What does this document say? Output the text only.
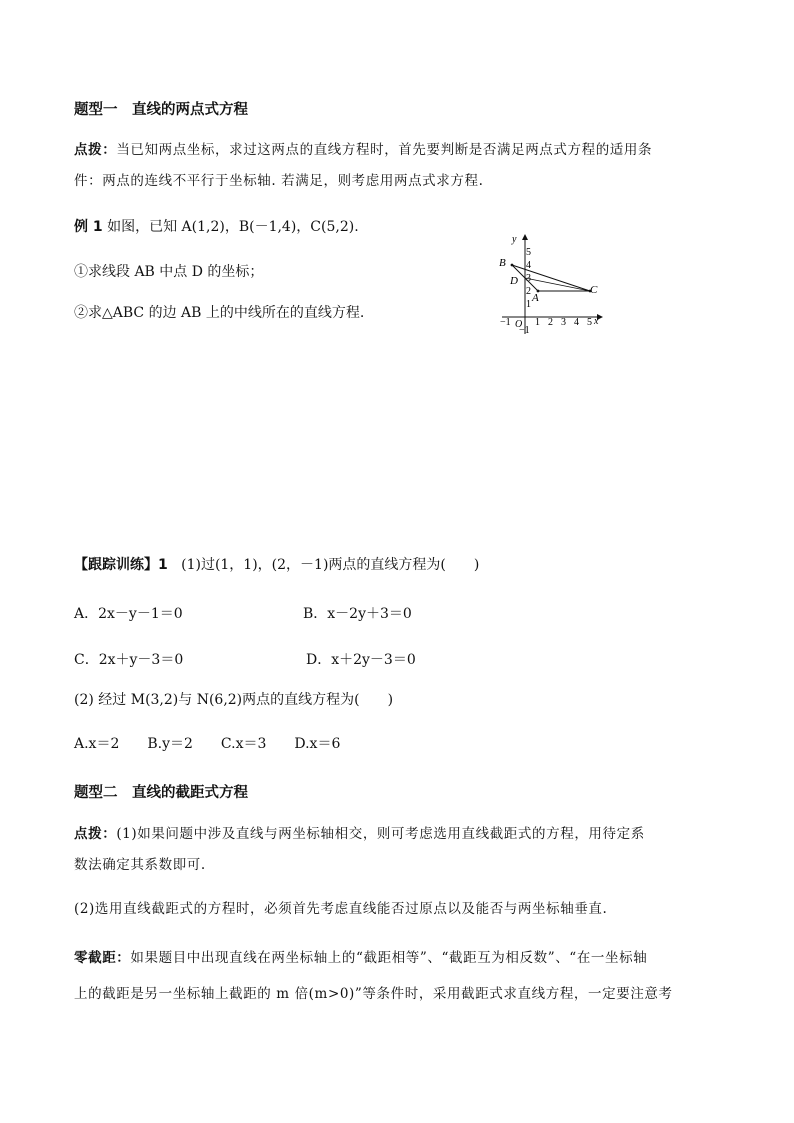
题型一　直线的两点式方程
点拨：当已知两点坐标，求过这两点的直线方程时，首先要判断是否满足两点式方程的适用条
件：两点的连线不平行于坐标轴. 若满足，则考虑用两点式求方程.
例 1 如图，已知 A(1,2)，B(－1,4)，C(5,2).
①求线段 AB 中点 D 的坐标；
②求△ABC 的边 AB 上的中线所在的直线方程.
x
y
O
−1 1 2 3 4 5
5
4
3
2
1
−1
A
B
C
D
【跟踪训练】1 (1)过(1，1)，(2，－1)两点的直线方程为(　　)
A．2x－y－1＝0	B．x－2y＋3＝0
C．2x＋y－3＝0	D．x＋2y－3＝0
(2) 经过 M(3,2)与 N(6,2)两点的直线方程为(　　)
A.x＝2　　B.y＝2　　C.x＝3　　D.x＝6
题型二　直线的截距式方程
点拨：(1)如果问题中涉及直线与两坐标轴相交，则可考虑选用直线截距式的方程，用待定系
数法确定其系数即可.
(2)选用直线截距式的方程时，必须首先考虑直线能否过原点以及能否与两坐标轴垂直.
零截距：如果题目中出现直线在两坐标轴上的“截距相等”、“截距互为相反数”、“在一坐标轴
上的截距是另一坐标轴上截距的 m 倍(m>0)”等条件时，采用截距式求直线方程，一定要注意考
